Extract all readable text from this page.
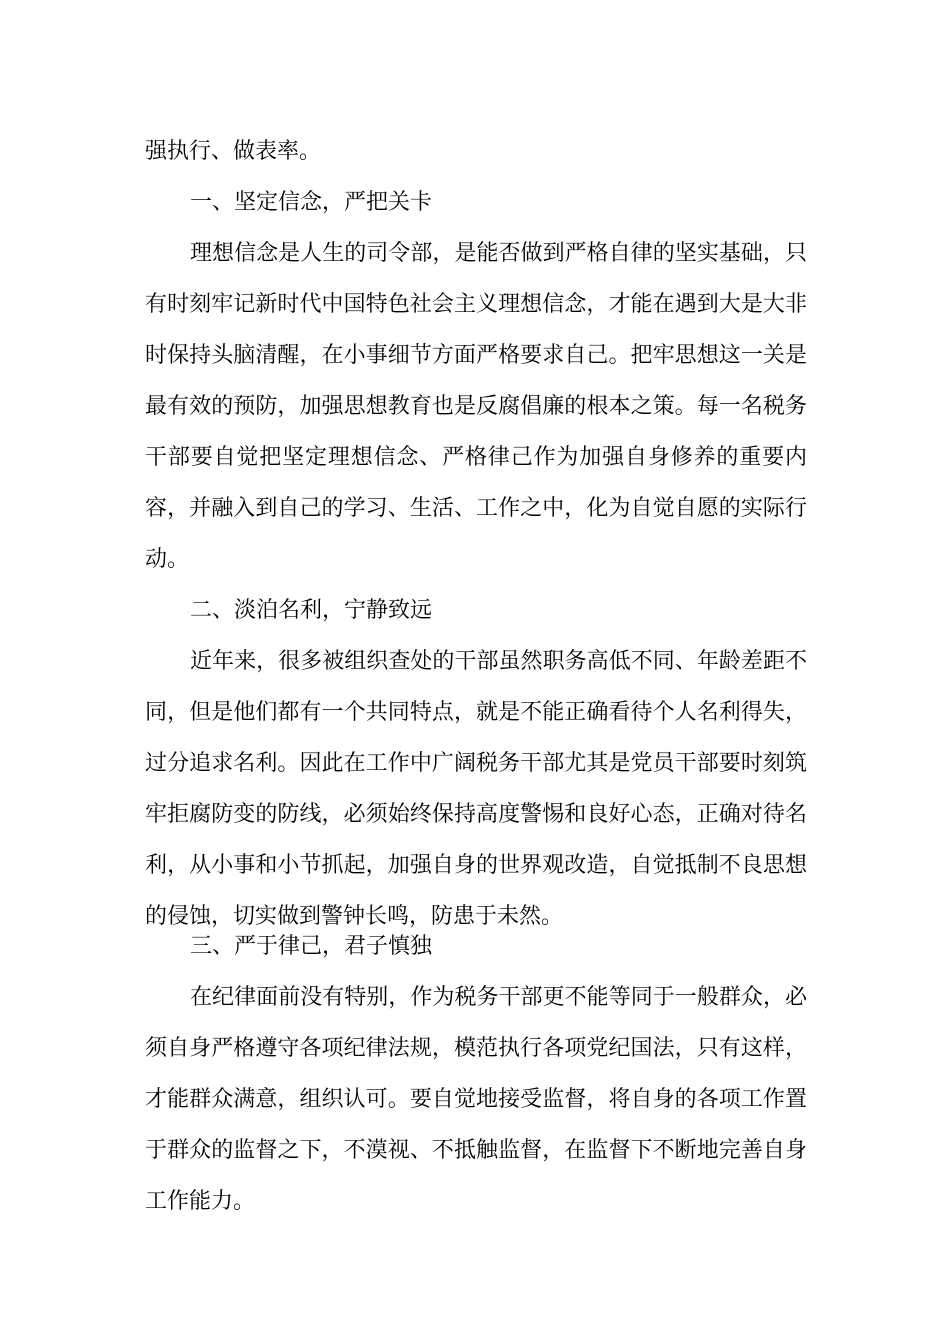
强执行、做表率。

一、坚定信念，严把关卡

理想信念是人生的司令部，是能否做到严格自律的坚实基础，只有时刻牢记新时代中国特色社会主义理想信念，才能在遇到大是大非时保持头脑清醒，在小事细节方面严格要求自己。把牢思想这一关是最有效的预防，加强思想教育也是反腐倡廉的根本之策。每一名税务干部要自觉把坚定理想信念、严格律己作为加强自身修养的重要内容，并融入到自己的学习、生活、工作之中，化为自觉自愿的实际行动。

二、淡泊名利，宁静致远

近年来，很多被组织查处的干部虽然职务高低不同、年龄差距不同，但是他们都有一个共同特点，就是不能正确看待个人名利得失，过分追求名利。因此在工作中广阔税务干部尤其是党员干部要时刻筑牢拒腐防变的防线，必须始终保持高度警惕和良好心态，正确对待名利，从小事和小节抓起，加强自身的世界观改造，自觉抵制不良思想的侵蚀，切实做到警钟长鸣，防患于未然。

三、严于律己，君子慎独

在纪律面前没有特别，作为税务干部更不能等同于一般群众，必须自身严格遵守各项纪律法规，模范执行各项党纪国法，只有这样，才能群众满意，组织认可。要自觉地接受监督，将自身的各项工作置于群众的监督之下，不漠视、不抵触监督，在监督下不断地完善自身工作能力。
